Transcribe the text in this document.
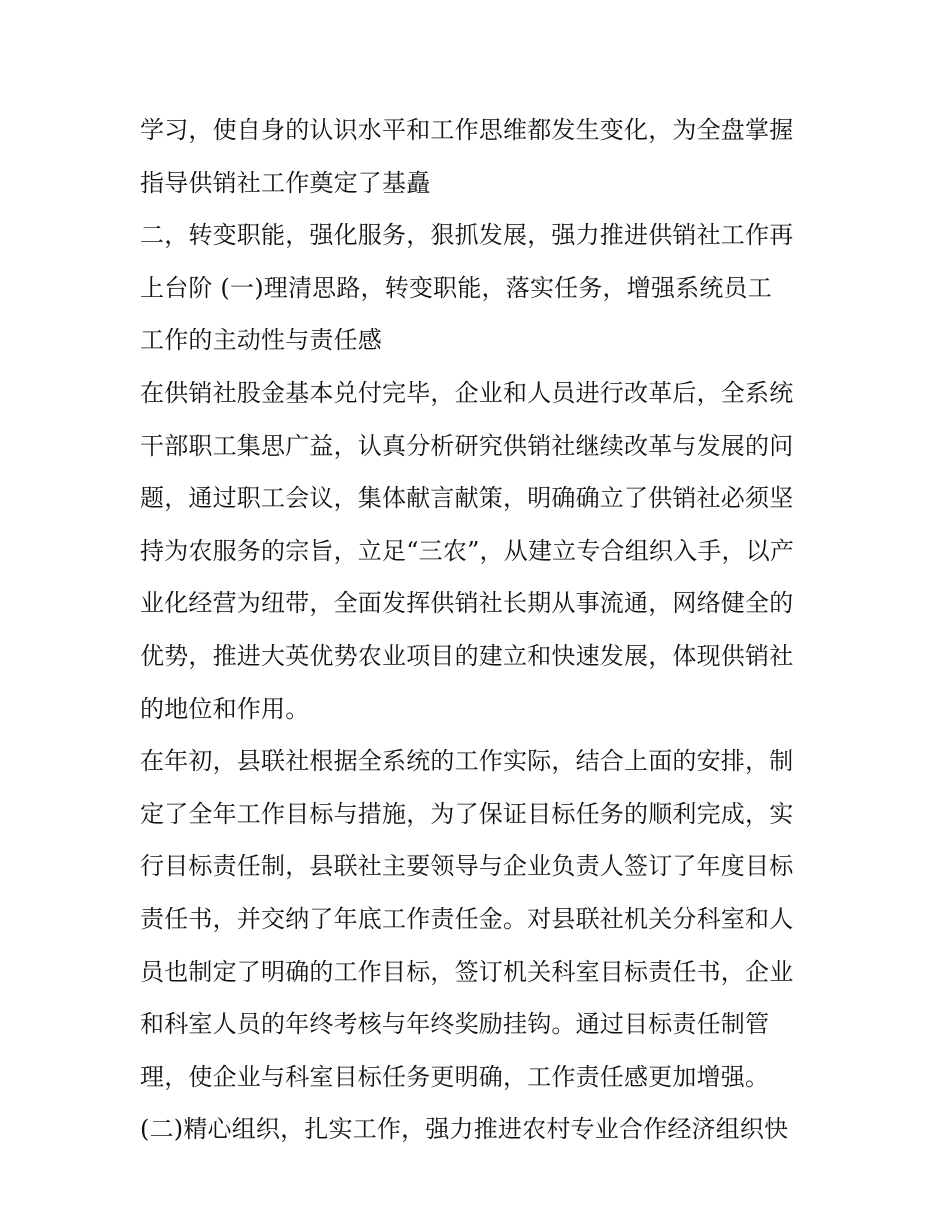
学习，使自身的认识水平和工作思维都发生变化，为全盘掌握
指导供销社工作奠定了基矗
二，转变职能，强化服务，狠抓发展，强力推进供销社工作再
上台阶 (一)理清思路，转变职能，落实任务，增强系统员工
工作的主动性与责任感
在供销社股金基本兑付完毕，企业和人员进行改革后，全系统
干部职工集思广益，认真分析研究供销社继续改革与发展的问
题，通过职工会议，集体献言献策，明确确立了供销社必须坚
持为农服务的宗旨，立足“三农”，从建立专合组织入手，以产
业化经营为纽带，全面发挥供销社长期从事流通，网络健全的
优势，推进大英优势农业项目的建立和快速发展，体现供销社
的地位和作用。
在年初，县联社根据全系统的工作实际，结合上面的安排，制
定了全年工作目标与措施，为了保证目标任务的顺利完成，实
行目标责任制，县联社主要领导与企业负责人签订了年度目标
责任书，并交纳了年底工作责任金。对县联社机关分科室和人
员也制定了明确的工作目标，签订机关科室目标责任书，企业
和科室人员的年终考核与年终奖励挂钩。通过目标责任制管
理，使企业与科室目标任务更明确，工作责任感更加增强。
(二)精心组织，扎实工作，强力推进农村专业合作经济组织快
